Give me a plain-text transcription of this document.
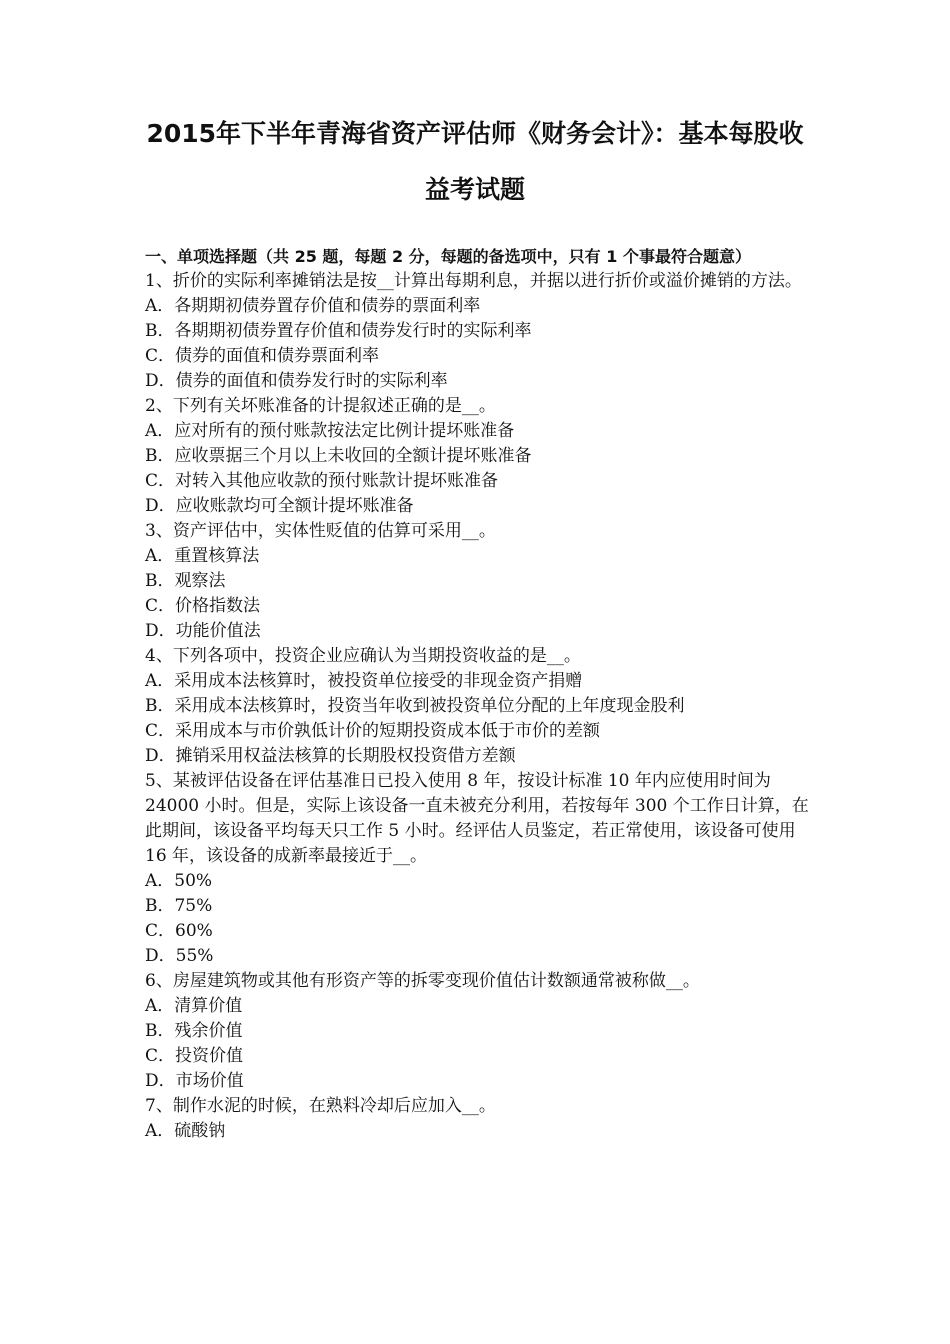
2015年下半年青海省资产评估师《财务会计》：基本每股收
益考试题

一、单项选择题（共 25 题，每题 2 分，每题的备选项中，只有 1 个事最符合题意）

1、折价的实际利率摊销法是按__计算出每期利息，并据以进行折价或溢价摊销的方法。

A．各期期初债券置存价值和债券的票面利率

B．各期期初债券置存价值和债券发行时的实际利率

C．债券的面值和债券票面利率

D．债券的面值和债券发行时的实际利率

2、下列有关坏账准备的计提叙述正确的是__。

A．应对所有的预付账款按法定比例计提坏账准备

B．应收票据三个月以上未收回的全额计提坏账准备

C．对转入其他应收款的预付账款计提坏账准备

D．应收账款均可全额计提坏账准备

3、资产评估中，实体性贬值的估算可采用__。

A．重置核算法

B．观察法

C．价格指数法

D．功能价值法

4、下列各项中，投资企业应确认为当期投资收益的是__。

A．采用成本法核算时，被投资单位接受的非现金资产捐赠

B．采用成本法核算时，投资当年收到被投资单位分配的上年度现金股利

C．采用成本与市价孰低计价的短期投资成本低于市价的差额

D．摊销采用权益法核算的长期股权投资借方差额

5、某被评估设备在评估基准日已投入使用 8 年，按设计标准 10 年内应使用时间为 24000 小时。但是，实际上该设备一直未被充分利用，若按每年 300 个工作日计算，在此期间，该设备平均每天只工作 5 小时。经评估人员鉴定，若正常使用，该设备可使用 16 年，该设备的成新率最接近于__。

A．50%

B．75%

C．60%

D．55%

6、房屋建筑物或其他有形资产等的拆零变现价值估计数额通常被称做__。

A．清算价值

B．残余价值

C．投资价值

D．市场价值

7、制作水泥的时候，在熟料冷却后应加入__。

A．硫酸钠
